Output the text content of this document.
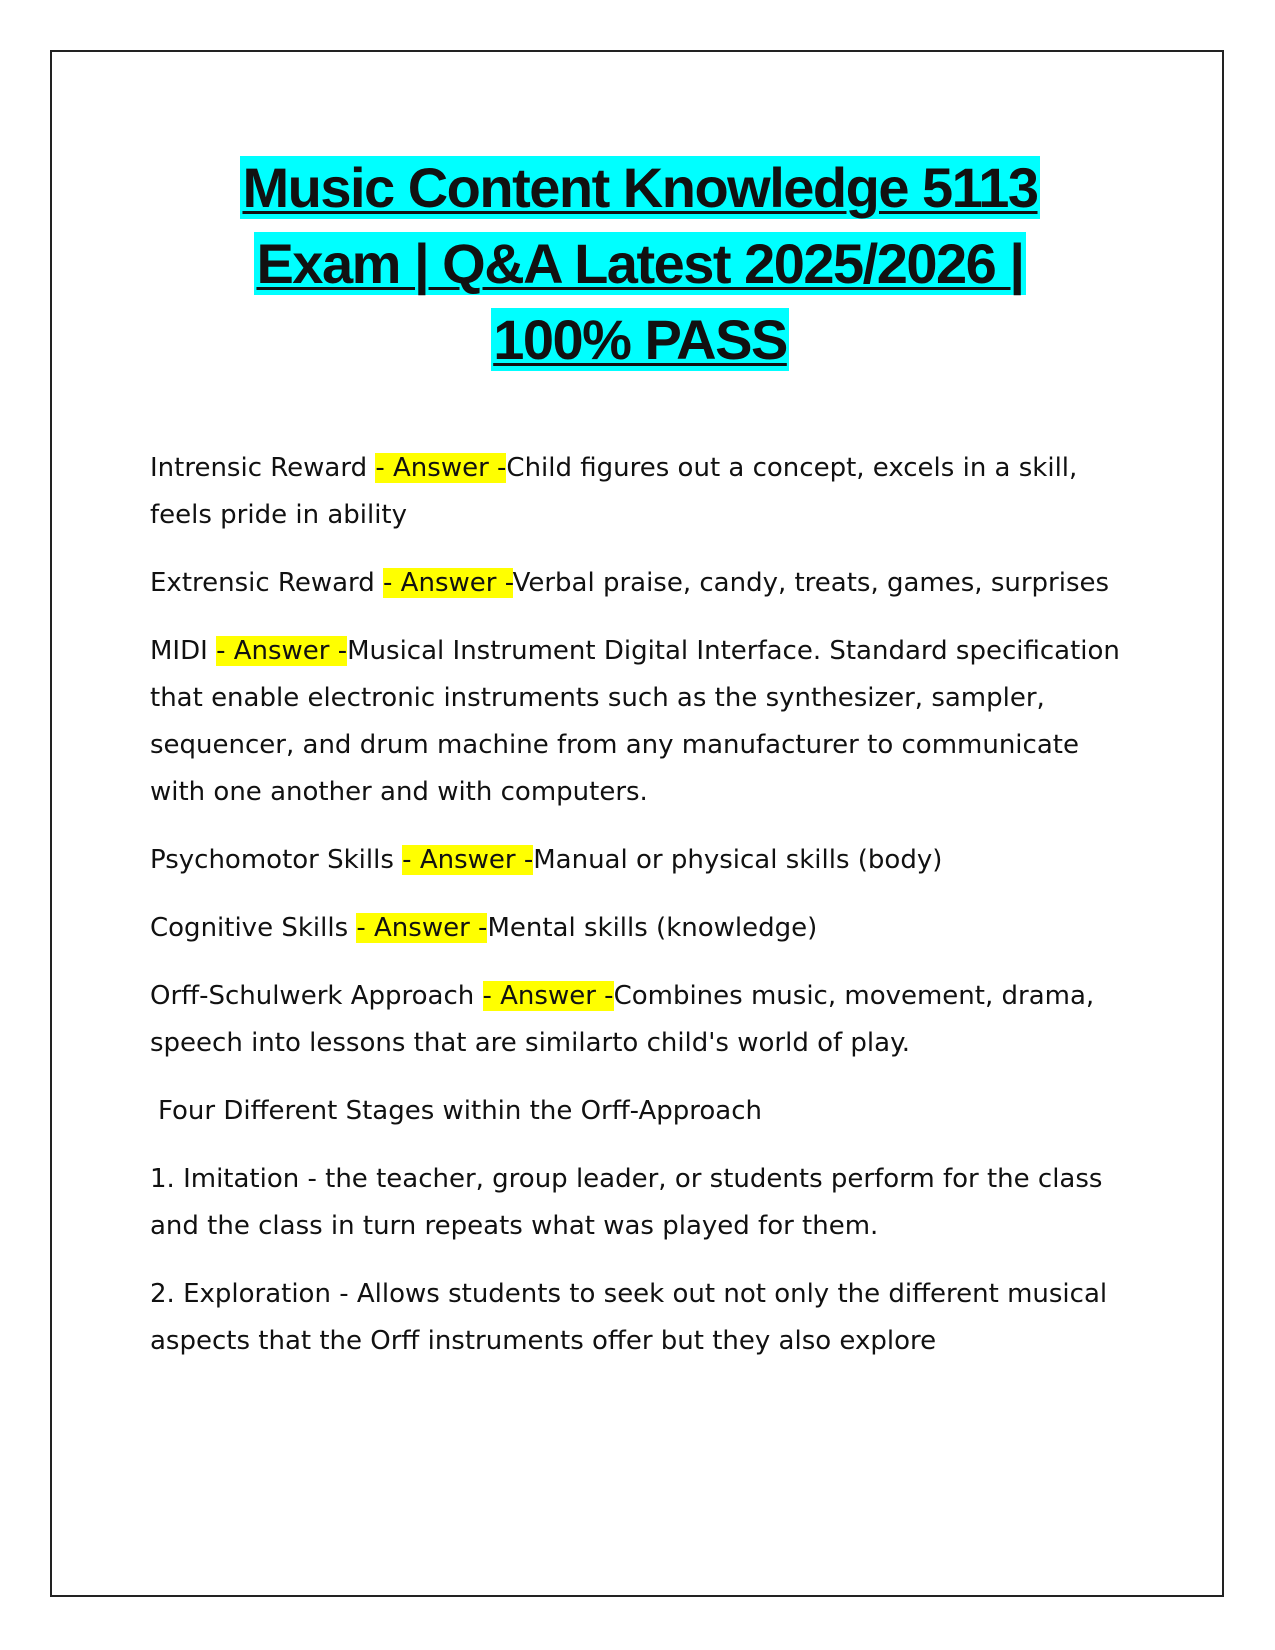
Music Content Knowledge 5113
Exam | Q&A Latest 2025/2026 |
100% PASS

Intrensic Reward - Answer -Child figures out a concept, excels in a skill, feels pride in ability

Extrensic Reward - Answer -Verbal praise, candy, treats, games, surprises

MIDI - Answer -Musical Instrument Digital Interface. Standard specification that enable electronic instruments such as the synthesizer, sampler, sequencer, and drum machine from any manufacturer to communicate with one another and with computers.

Psychomotor Skills - Answer -Manual or physical skills (body)

Cognitive Skills - Answer -Mental skills (knowledge)

Orff-Schulwerk Approach - Answer -Combines music, movement, drama, speech into lessons that are similarto child's world of play.

Four Different Stages within the Orff-Approach

1. Imitation - the teacher, group leader, or students perform for the class and the class in turn repeats what was played for them.

2. Exploration - Allows students to seek out not only the different musical aspects that the Orff instruments offer but they also explore
